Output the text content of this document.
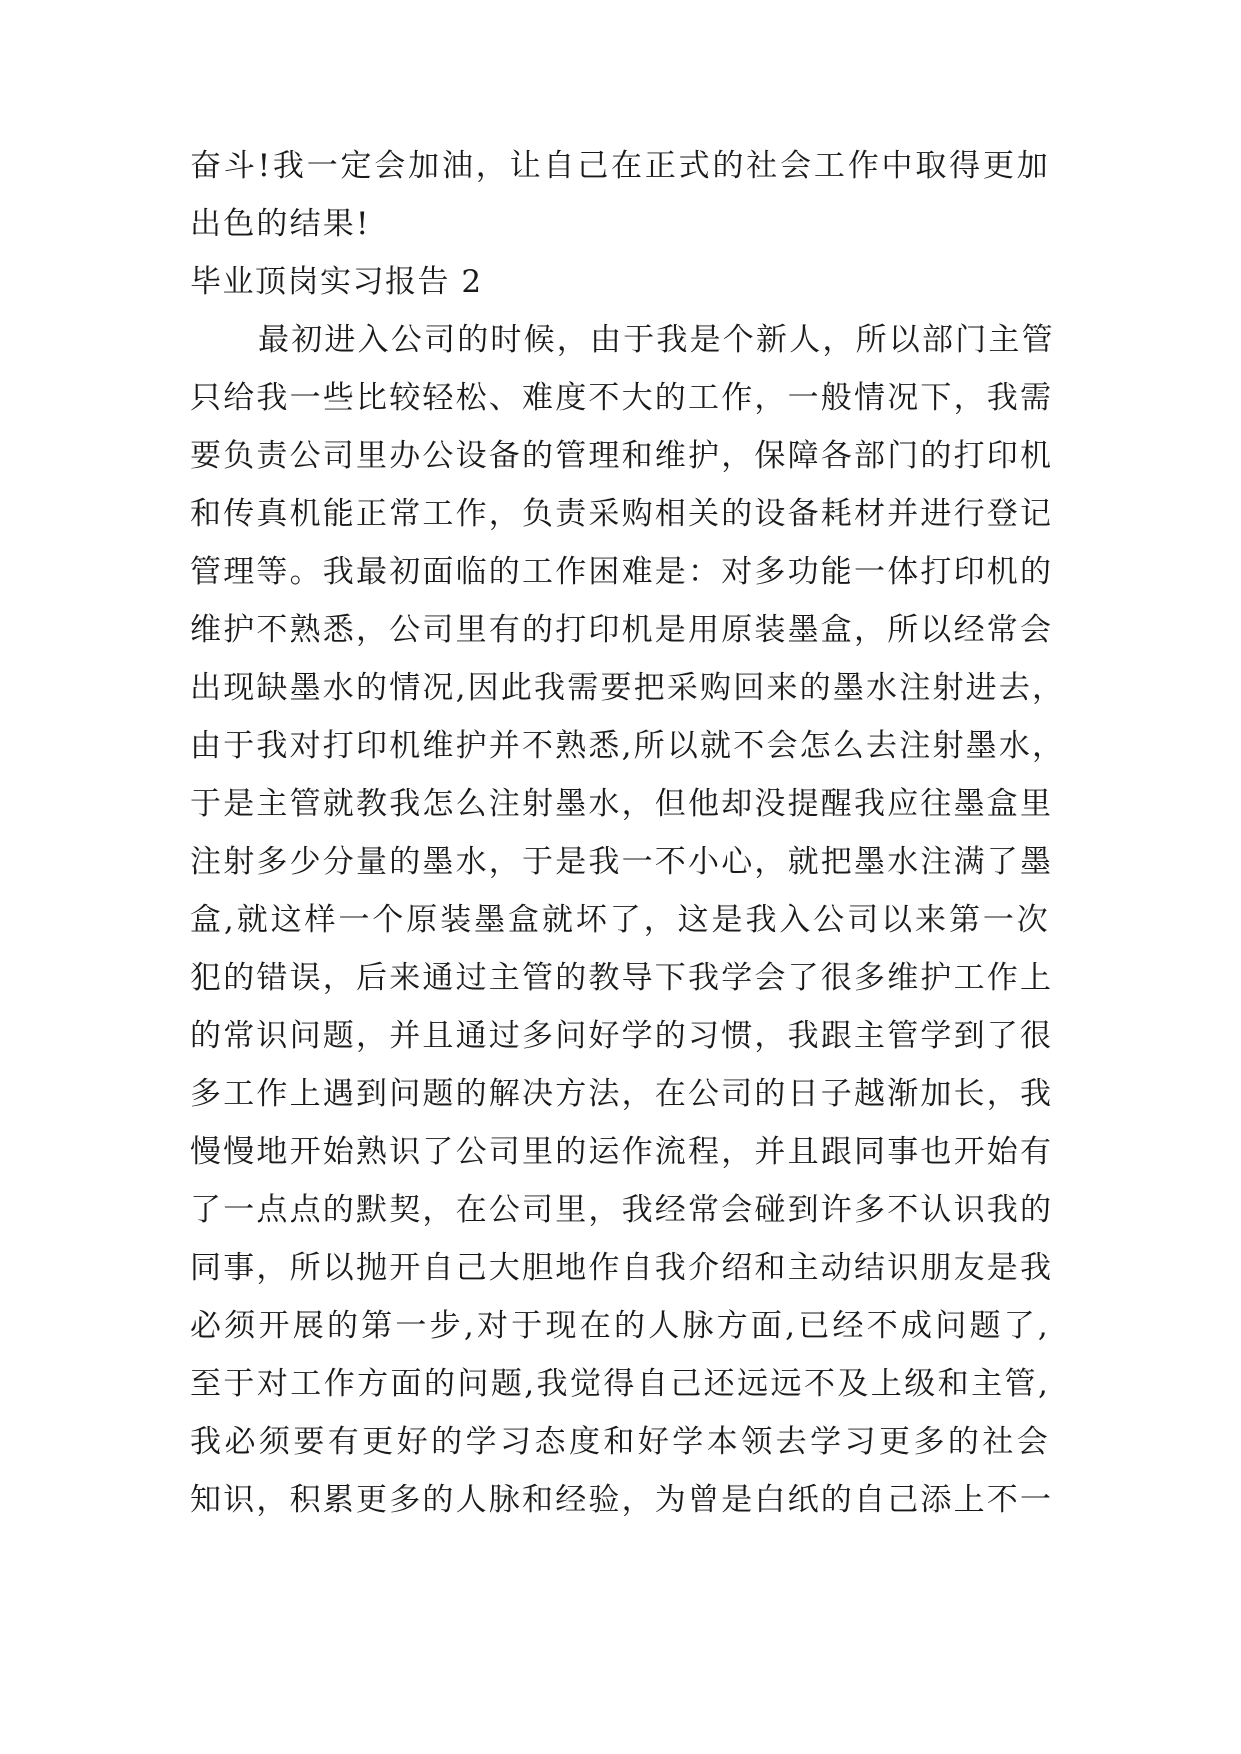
奋斗!我一定会加油，让自己在正式的社会工作中取得更加
出色的结果!
毕业顶岗实习报告 2
最初进入公司的时候，由于我是个新人，所以部门主管
只给我一些比较轻松、难度不大的工作，一般情况下，我需
要负责公司里办公设备的管理和维护，保障各部门的打印机
和传真机能正常工作，负责采购相关的设备耗材并进行登记
管理等。我最初面临的工作困难是：对多功能一体打印机的
维护不熟悉，公司里有的打印机是用原装墨盒，所以经常会
出现缺墨水的情况,因此我需要把采购回来的墨水注射进去，
由于我对打印机维护并不熟悉,所以就不会怎么去注射墨水，
于是主管就教我怎么注射墨水，但他却没提醒我应往墨盒里
注射多少分量的墨水，于是我一不小心，就把墨水注满了墨
盒,就这样一个原装墨盒就坏了，这是我入公司以来第一次
犯的错误，后来通过主管的教导下我学会了很多维护工作上
的常识问题，并且通过多问好学的习惯，我跟主管学到了很
多工作上遇到问题的解决方法，在公司的日子越渐加长，我
慢慢地开始熟识了公司里的运作流程，并且跟同事也开始有
了一点点的默契，在公司里，我经常会碰到许多不认识我的
同事，所以抛开自己大胆地作自我介绍和主动结识朋友是我
必须开展的第一步,对于现在的人脉方面,已经不成问题了,
至于对工作方面的问题,我觉得自己还远远不及上级和主管,
我必须要有更好的学习态度和好学本领去学习更多的社会
知识，积累更多的人脉和经验，为曾是白纸的自己添上不一
